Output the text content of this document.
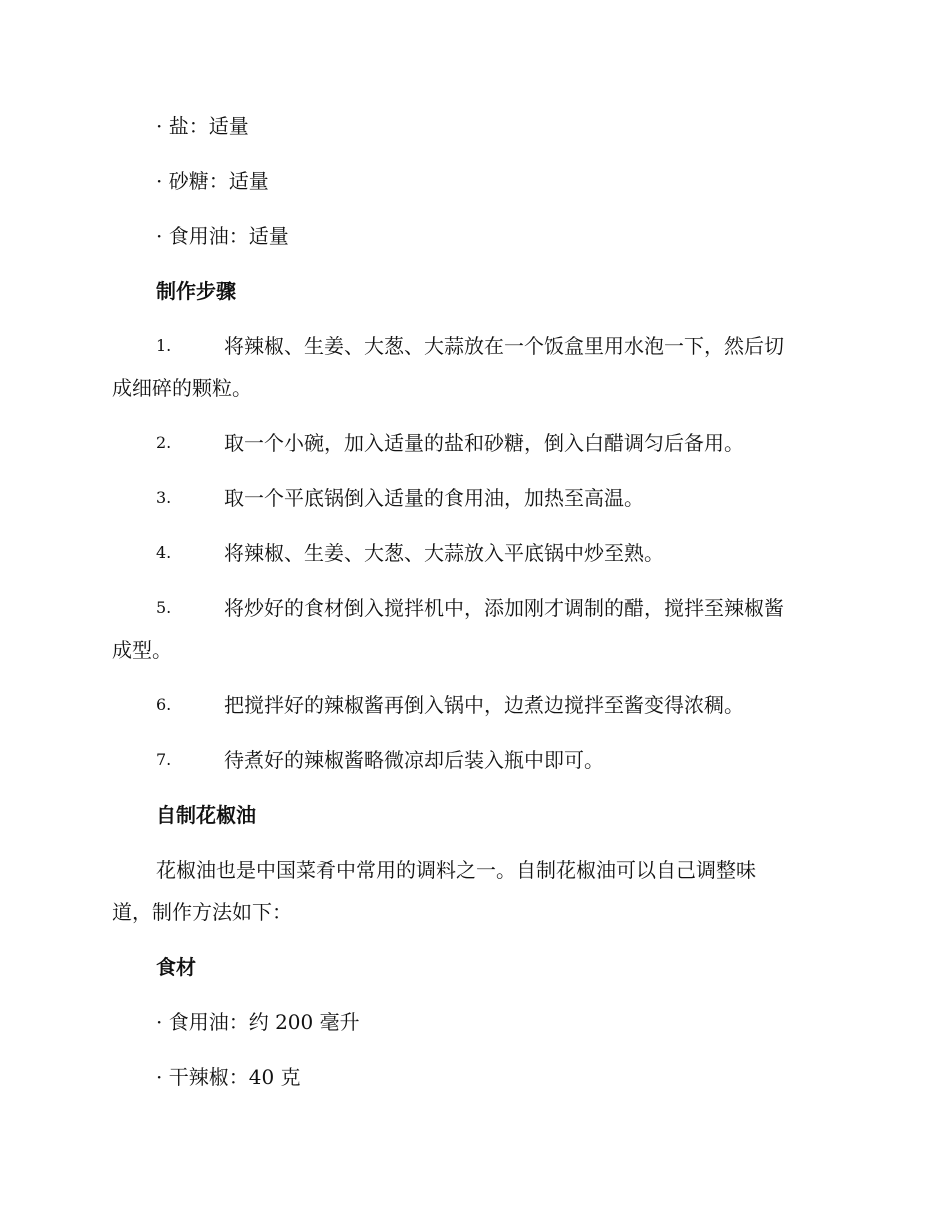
· 盐：适量
· 砂糖：适量
· 食用油：适量
制作步骤
1.	将辣椒、生姜、大葱、大蒜放在一个饭盒里用水泡一下，然后切
成细碎的颗粒。
2.	取一个小碗，加入适量的盐和砂糖，倒入白醋调匀后备用。
3.	取一个平底锅倒入适量的食用油，加热至高温。
4.	将辣椒、生姜、大葱、大蒜放入平底锅中炒至熟。
5.	将炒好的食材倒入搅拌机中，添加刚才调制的醋，搅拌至辣椒酱
成型。
6.	把搅拌好的辣椒酱再倒入锅中，边煮边搅拌至酱变得浓稠。
7.	待煮好的辣椒酱略微凉却后装入瓶中即可。
自制花椒油
花椒油也是中国菜肴中常用的调料之一。自制花椒油可以自己调整味
道，制作方法如下：
食材
· 食用油：约 200 毫升
· 干辣椒：40 克
